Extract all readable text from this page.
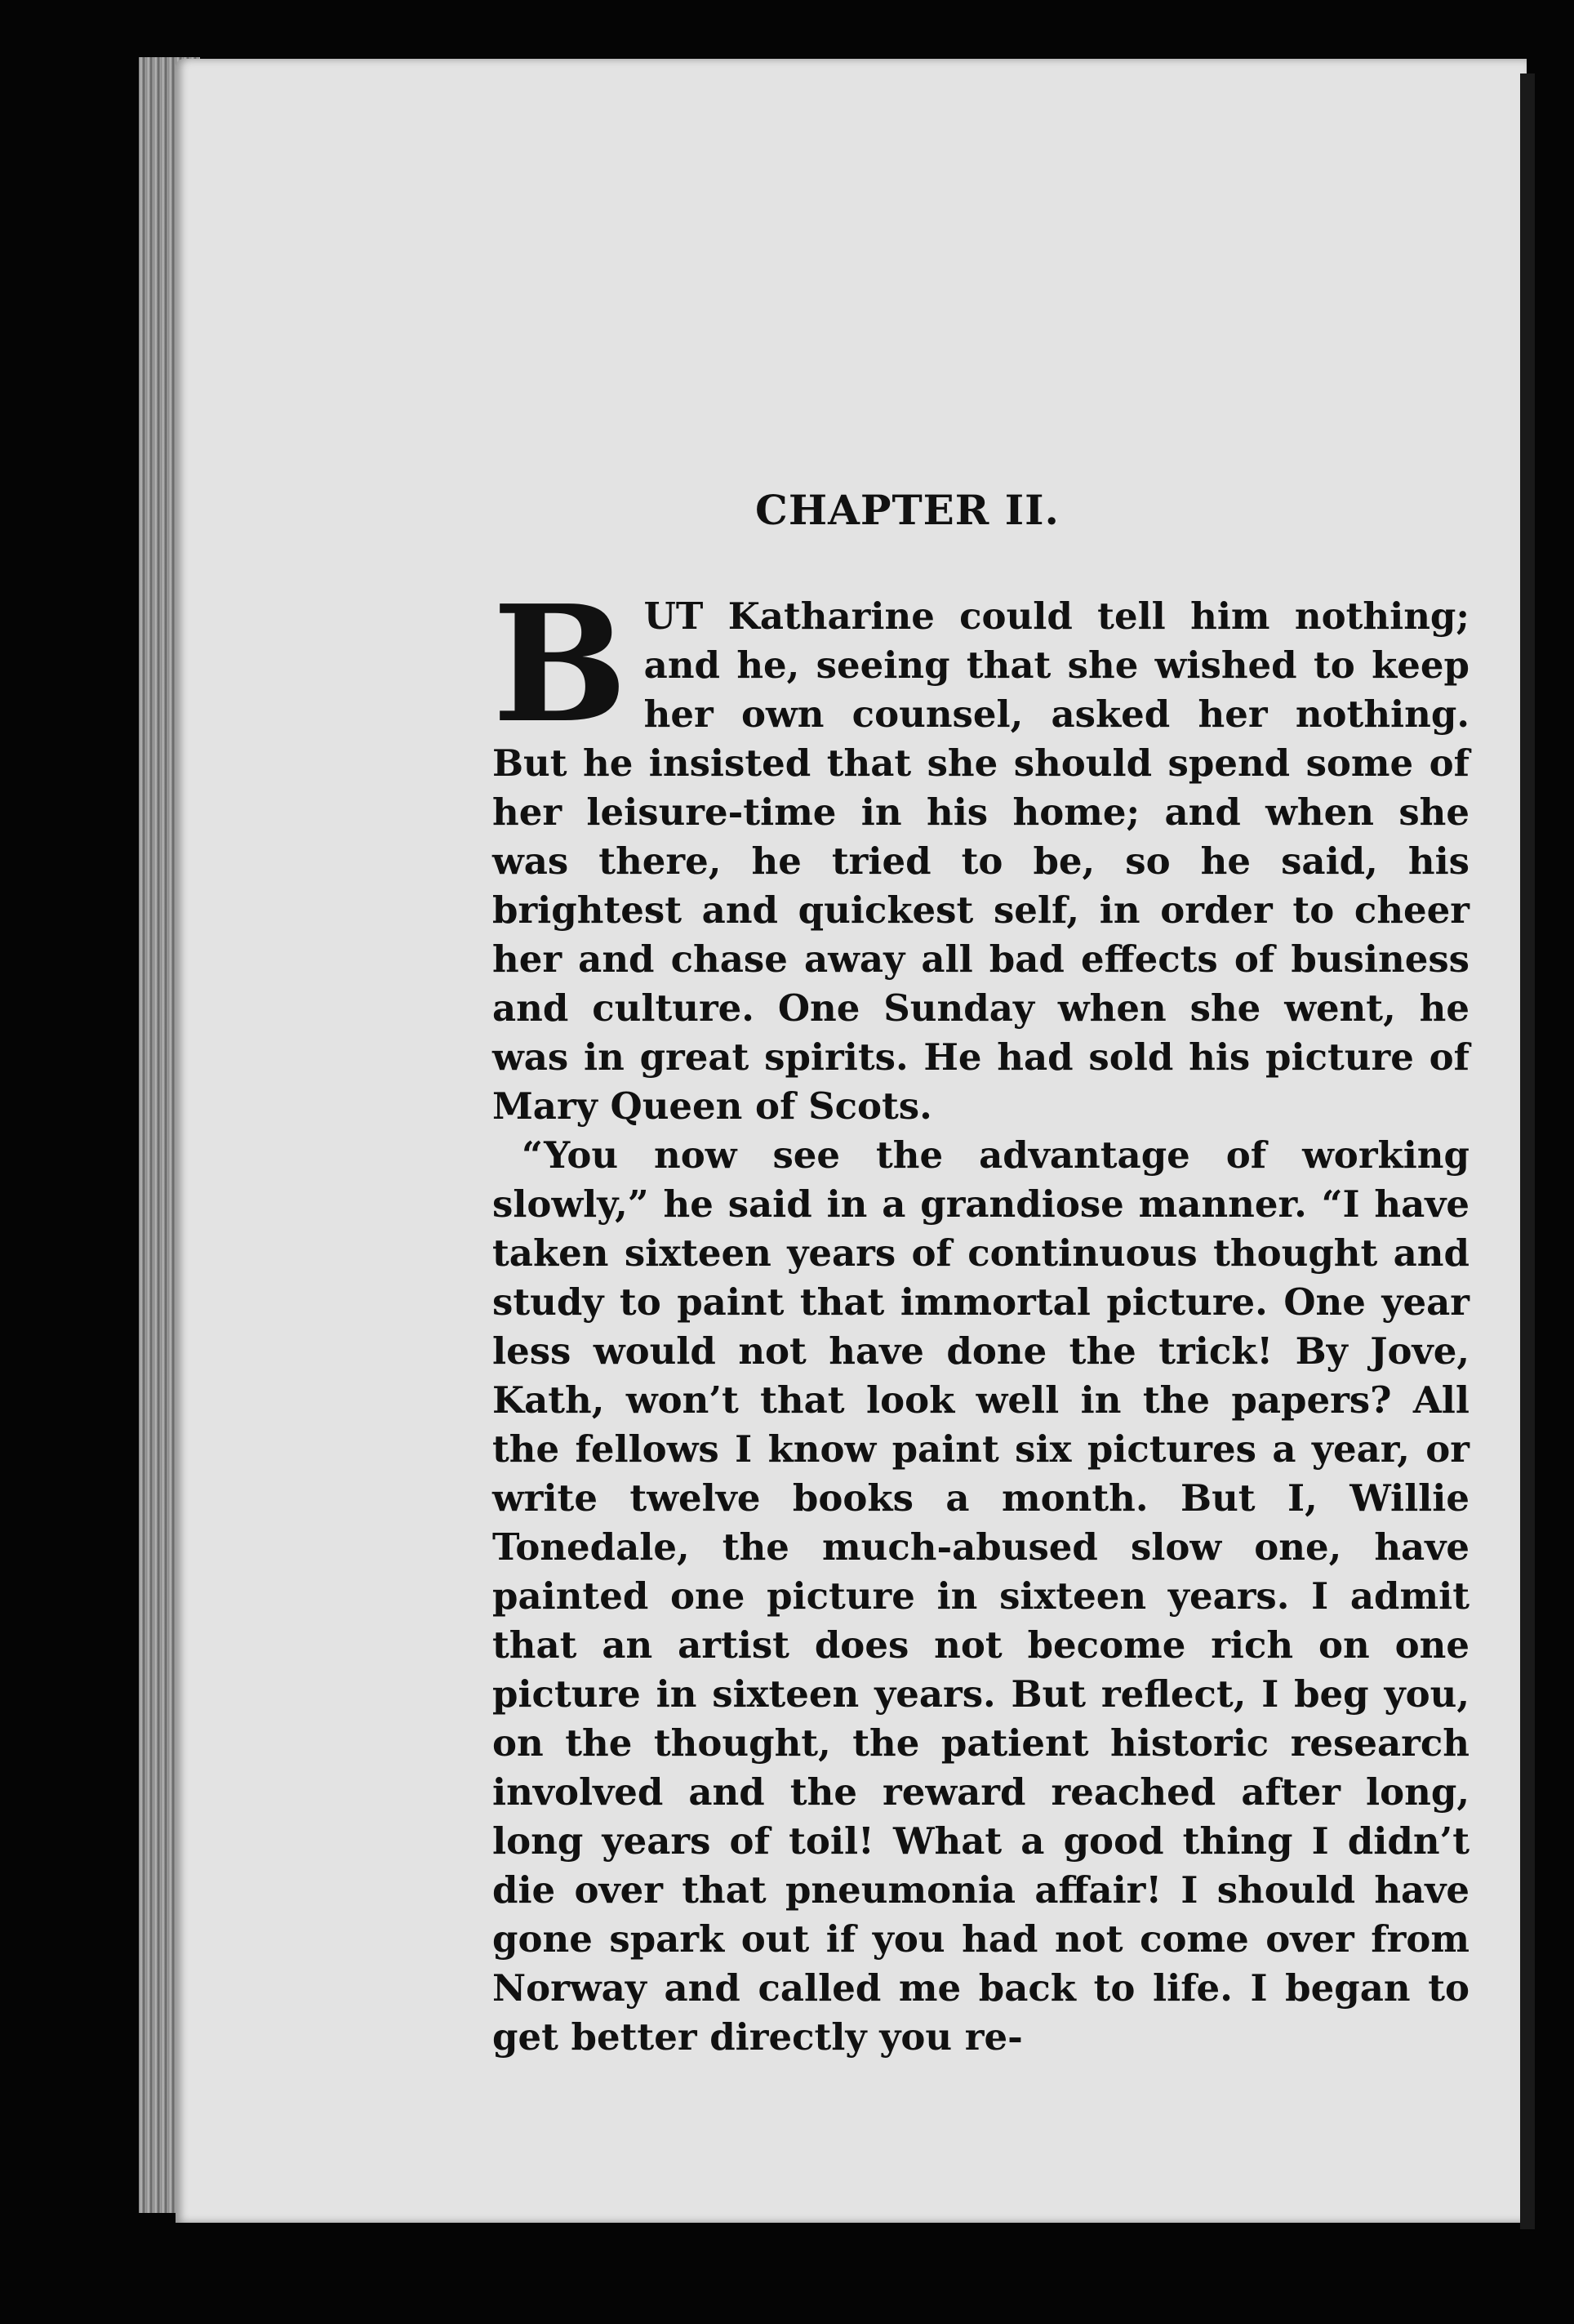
CHAPTER II.

BUT Katharine could tell him nothing; and he, seeing that she wished to keep her own counsel, asked her nothing. But he insisted that she should spend some of her leisure-time in his home; and when she was there, he tried to be, so he said, his brightest and quickest self, in order to cheer her and chase away all bad effects of business and culture. One Sunday when she went, he was in great spirits. He had sold his picture of Mary Queen of Scots.

“You now see the advantage of working slowly,” he said in a grandiose manner. “I have taken sixteen years of continuous thought and study to paint that immortal picture. One year less would not have done the trick! By Jove, Kath, won’t that look well in the papers? All the fellows I know paint six pictures a year, or write twelve books a month. But I, Willie Tonedale, the much-abused slow one, have painted one picture in sixteen years. I admit that an artist does not become rich on one picture in sixteen years. But reflect, I beg you, on the thought, the patient historic research involved and the reward reached after long, long years of toil! What a good thing I didn’t die over that pneumonia affair! I should have gone spark out if you had not come over from Norway and called me back to life. I began to get better directly you re-
